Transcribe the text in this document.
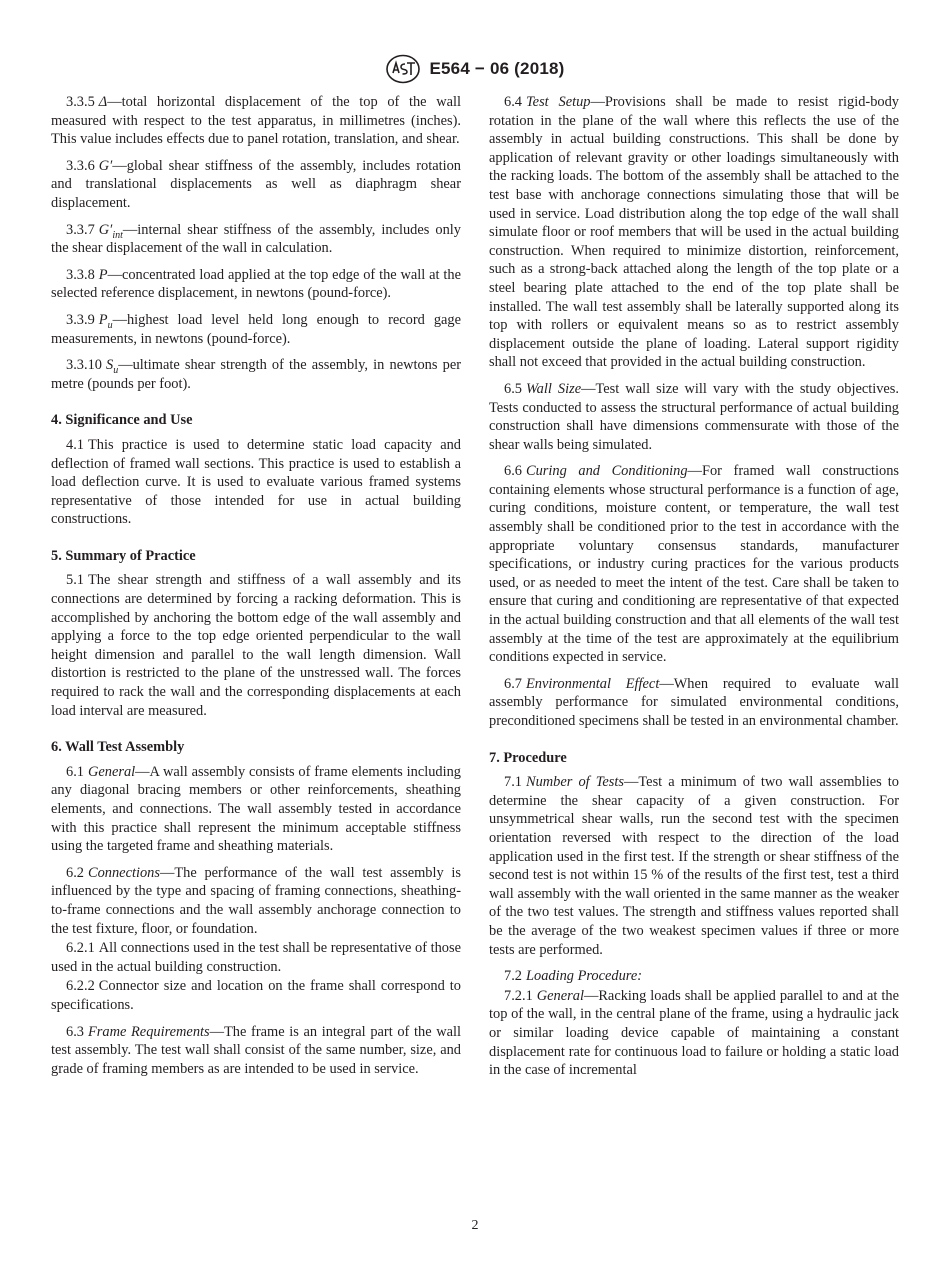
E564 − 06 (2018)

3.3.5 Δ—total horizontal displacement of the top of the wall measured with respect to the test apparatus, in millimetres (inches). This value includes effects due to panel rotation, translation, and shear.

3.3.6 G′—global shear stiffness of the assembly, includes rotation and translational displacements as well as diaphragm shear displacement.

3.3.7 $G'_{int}—internal$ shear stiffness of the assembly, includes only the shear displacement of the wall in calculation.

3.3.8 P—concentrated load applied at the top edge of the wall at the selected reference displacement, in newtons (pound-force).

3.3.9 $P_u—highest$ load level held long enough to record gage measurements, in newtons (pound-force).

3.3.10 $S_u—ultimate$ shear strength of the assembly, in newtons per metre (pounds per foot).

4. Significance and Use

4.1 This practice is used to determine static load capacity and deflection of framed wall sections. This practice is used to establish a load deflection curve. It is used to evaluate various framed systems representative of those intended for use in actual building constructions.

5. Summary of Practice

5.1 The shear strength and stiffness of a wall assembly and its connections are determined by forcing a racking deformation. This is accomplished by anchoring the bottom edge of the wall assembly and applying a force to the top edge oriented perpendicular to the wall height dimension and parallel to the wall length dimension. Wall distortion is restricted to the plane of the unstressed wall. The forces required to rack the wall and the corresponding displacements at each load interval are measured.

6. Wall Test Assembly

6.1 General—A wall assembly consists of frame elements including any diagonal bracing members or other reinforcements, sheathing elements, and connections. The wall assembly tested in accordance with this practice shall represent the minimum acceptable stiffness using the targeted frame and sheathing materials.

6.2 Connections—The performance of the wall test assembly is influenced by the type and spacing of framing connections, sheathing-to-frame connections and the wall assembly anchorage connection to the test fixture, floor, or foundation.

6.2.1 All connections used in the test shall be representative of those used in the actual building construction.

6.2.2 Connector size and location on the frame shall correspond to specifications.

6.3 Frame Requirements—The frame is an integral part of the wall test assembly. The test wall shall consist of the same number, size, and grade of framing members as are intended to be used in service.

6.4 Test Setup—Provisions shall be made to resist rigid-body rotation in the plane of the wall where this reflects the use of the assembly in actual building constructions. This shall be done by application of relevant gravity or other loadings simultaneously with the racking loads. The bottom of the assembly shall be attached to the test base with anchorage connections simulating those that will be used in service. Load distribution along the top edge of the wall shall simulate floor or roof members that will be used in the actual building construction. When required to minimize distortion, reinforcement, such as a strong-back attached along the length of the top plate or a steel bearing plate attached to the end of the top plate shall be installed. The wall test assembly shall be laterally supported along its top with rollers or equivalent means so as to restrict assembly displacement outside the plane of loading. Lateral support rigidity shall not exceed that provided in the actual building construction.

6.5 Wall Size—Test wall size will vary with the study objectives. Tests conducted to assess the structural performance of actual building construction shall have dimensions commensurate with those of the shear walls being simulated.

6.6 Curing and Conditioning—For framed wall constructions containing elements whose structural performance is a function of age, curing conditions, moisture content, or temperature, the wall test assembly shall be conditioned prior to the test in accordance with the appropriate voluntary consensus standards, manufacturer specifications, or industry curing practices for the various products used, or as needed to meet the intent of the test. Care shall be taken to ensure that curing and conditioning are representative of that expected in the actual building construction and that all elements of the wall test assembly at the time of the test are approximately at the equilibrium conditions expected in service.

6.7 Environmental Effect—When required to evaluate wall assembly performance for simulated environmental conditions, preconditioned specimens shall be tested in an environmental chamber.

7. Procedure

7.1 Number of Tests—Test a minimum of two wall assemblies to determine the shear capacity of a given construction. For unsymmetrical shear walls, run the second test with the specimen orientation reversed with respect to the direction of the load application used in the first test. If the strength or shear stiffness of the second test is not within 15 % of the results of the first test, test a third wall assembly with the wall oriented in the same manner as the weaker of the two test values. The strength and stiffness values reported shall be the average of the two weakest specimen values if three or more tests are performed.

7.2 Loading Procedure:

7.2.1 General—Racking loads shall be applied parallel to and at the top of the wall, in the central plane of the frame, using a hydraulic jack or similar loading device capable of maintaining a constant displacement rate for continuous load to failure or holding a static load in the case of incremental

2
